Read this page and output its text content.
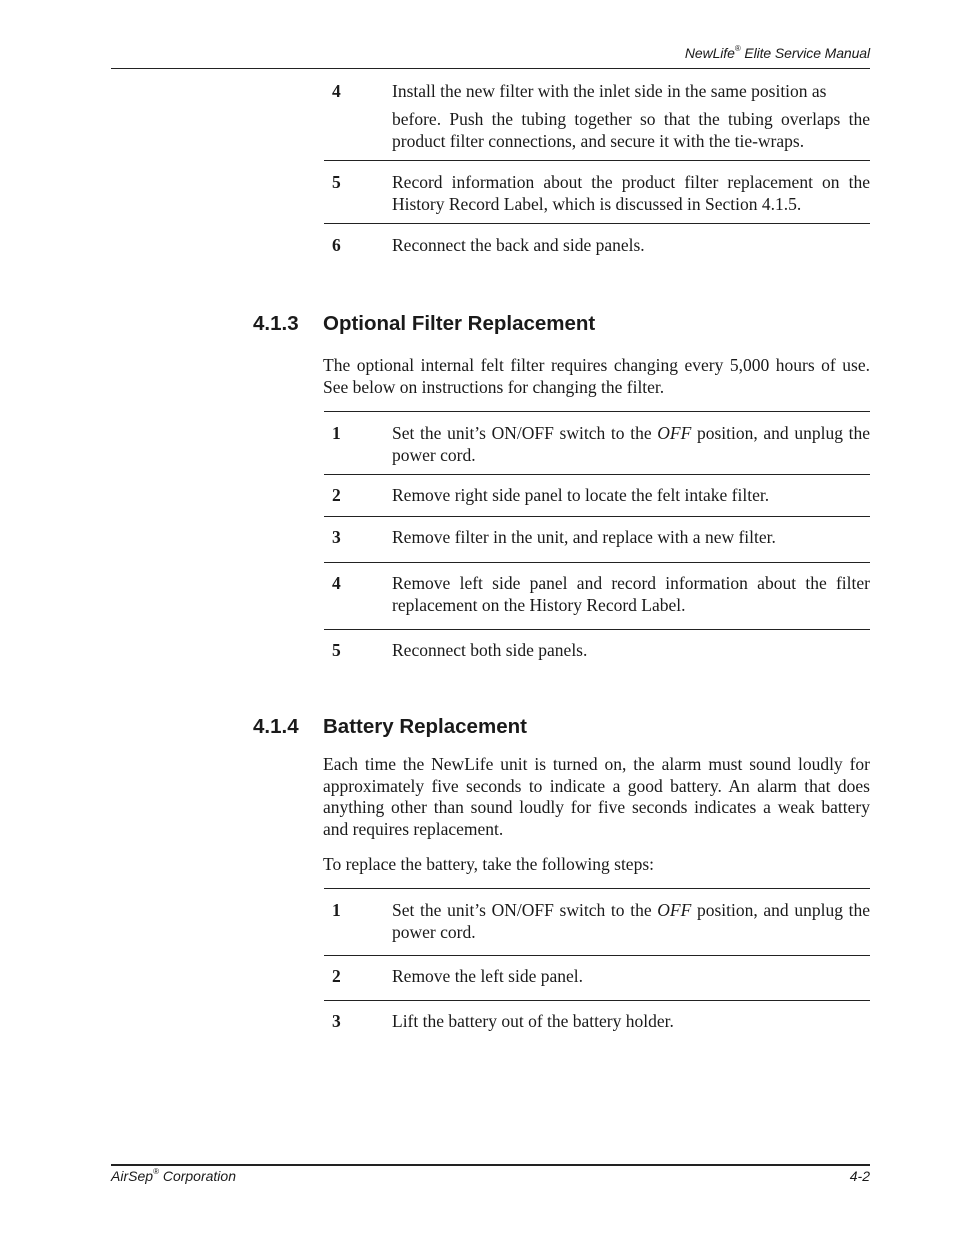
NewLife® Elite Service Manual
4	Install the new filter with the inlet side in the same position as
before. Push the tubing together so that the tubing overlaps the product filter connections, and secure it with the tie-wraps.
5	Record information about the product filter replacement on the History Record Label, which is discussed in Section 4.1.5.
6	Reconnect the back and side panels.
4.1.3 Optional Filter Replacement
The optional internal felt filter requires changing every 5,000 hours of use. See below on instructions for changing the filter.
1	Set the unit’s ON/OFF switch to the OFF position, and unplug the power cord.
2	Remove right side panel to locate the felt intake filter.
3	Remove filter in the unit, and replace with a new filter.
4	Remove left side panel and record information about the filter replacement on the History Record Label.
5	Reconnect both side panels.
4.1.4 Battery Replacement
Each time the NewLife unit is turned on, the alarm must sound loudly for approximately five seconds to indicate a good battery. An alarm that does anything other than sound loudly for five seconds indicates a weak battery and requires replacement.
To replace the battery, take the following steps:
1	Set the unit’s ON/OFF switch to the OFF position, and unplug the power cord.
2	Remove the left side panel.
3	Lift the battery out of the battery holder.
AirSep® Corporation	4-2
